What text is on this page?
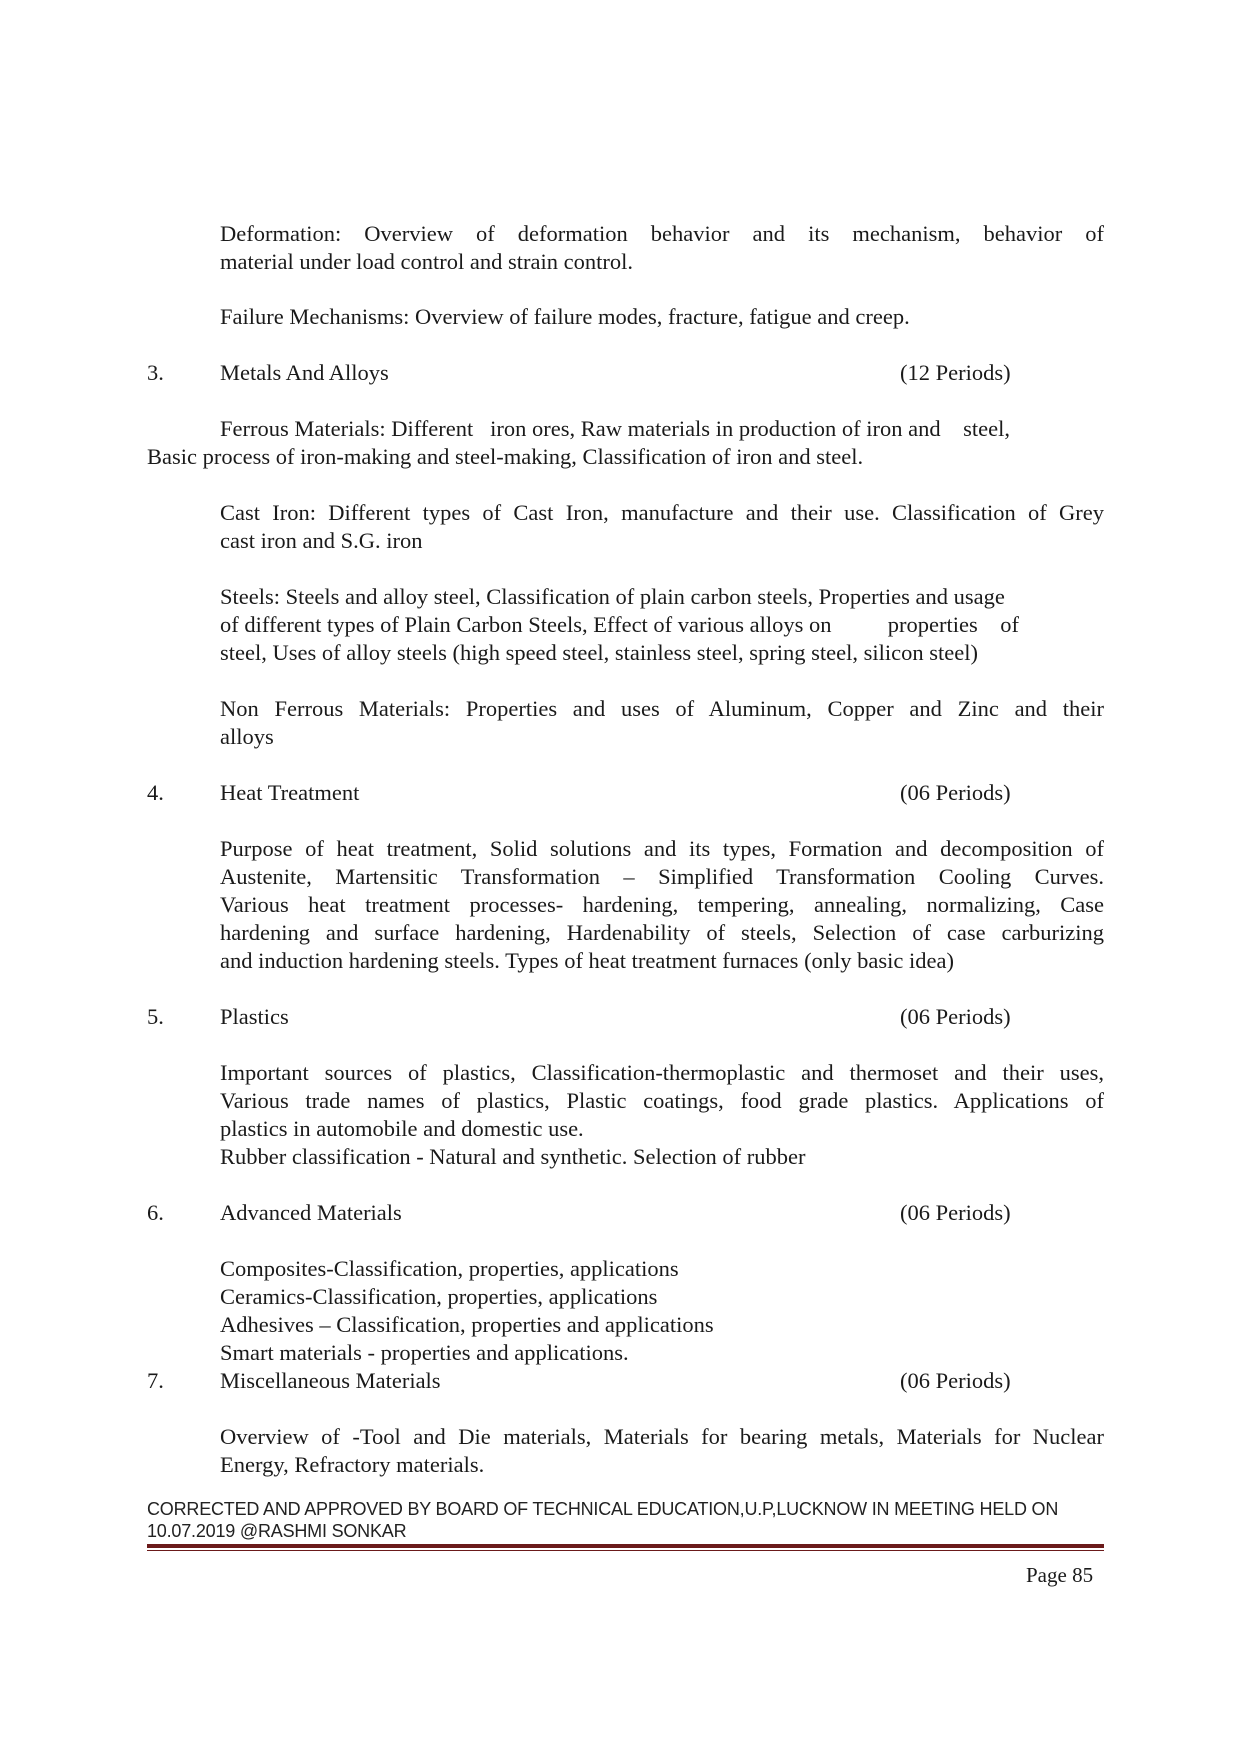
Deformation: Overview of deformation behavior and its mechanism, behavior of
material under load control and strain control.
Failure Mechanisms: Overview of failure modes, fracture, fatigue and creep.
3. Metals And Alloys	(12 Periods)
Ferrous Materials: Different   iron ores, Raw materials in production of iron and    steel,
Basic process of iron-making and steel-making, Classification of iron and steel.
Cast Iron: Different types of Cast Iron, manufacture and their use. Classification of Grey
cast iron and S.G. iron
Steels: Steels and alloy steel, Classification of plain carbon steels, Properties and usage
of different types of Plain Carbon Steels, Effect of various alloys on          properties    of
steel, Uses of alloy steels (high speed steel, stainless steel, spring steel, silicon steel)
Non Ferrous Materials: Properties and uses of Aluminum, Copper and Zinc and their
alloys
4. Heat Treatment	(06 Periods)
Purpose of heat treatment, Solid solutions and its types, Formation and decomposition of
Austenite, Martensitic Transformation – Simplified Transformation Cooling Curves.
Various heat treatment processes- hardening, tempering, annealing, normalizing, Case
hardening and surface hardening, Hardenability of steels, Selection of case carburizing
and induction hardening steels. Types of heat treatment furnaces (only basic idea)
5. Plastics	(06 Periods)
Important sources of plastics, Classification-thermoplastic and thermoset and their uses,
Various trade names of plastics, Plastic coatings, food grade plastics. Applications of
plastics in automobile and domestic use.
Rubber classification - Natural and synthetic. Selection of rubber
6. Advanced Materials	(06 Periods)
Composites-Classification, properties, applications
Ceramics-Classification, properties, applications
Adhesives – Classification, properties and applications
Smart materials - properties and applications.
7. Miscellaneous Materials	(06 Periods)
Overview of -Tool and Die materials, Materials for bearing metals, Materials for Nuclear
Energy, Refractory materials.
CORRECTED AND APPROVED BY BOARD OF TECHNICAL EDUCATION,U.P,LUCKNOW IN MEETING HELD ON
10.07.2019 @RASHMI SONKAR
Page 85
